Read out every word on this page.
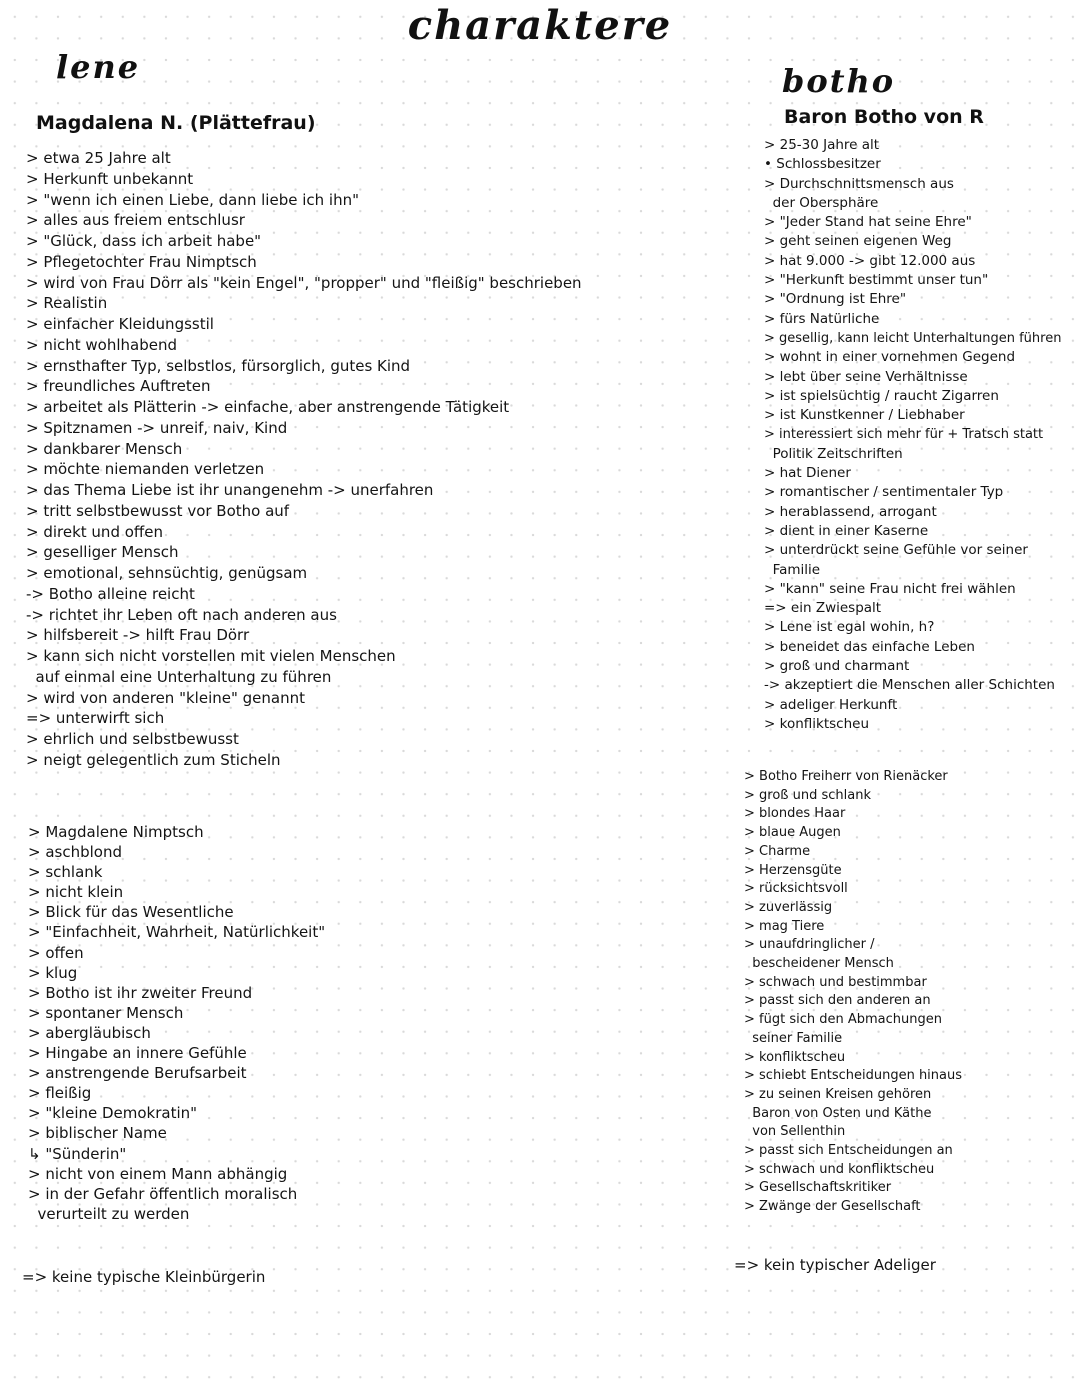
charaktere
lene
Magdalena N. (Plättefrau)
> etwa 25 Jahre alt
> Herkunft unbekannt
> "wenn ich einen Liebe, dann liebe ich ihn"
> alles aus freiem entschlusr
> "Glück, dass ich arbeit habe"
> Pflegetochter Frau Nimptsch
> wird von Frau Dörr als "kein Engel", "propper" und "fleißig" beschrieben
> Realistin
> einfacher Kleidungsstil
> nicht wohlhabend
> ernsthafter Typ, selbstlos, fürsorglich, gutes Kind
> freundliches Auftreten
> arbeitet als Plätterin -> einfache, aber anstrengende Tätigkeit
> Spitznamen -> unreif, naiv, Kind
> dankbarer Mensch
> möchte niemanden verletzen
> das Thema Liebe ist ihr unangenehm -> unerfahren
> tritt selbstbewusst vor Botho auf
> direkt und offen
> geselliger Mensch
> emotional, sehnsüchtig, genügsam
-> Botho alleine reicht
-> richtet ihr Leben oft nach anderen aus
> hilfsbereit -> hilft Frau Dörr
> kann sich nicht vorstellen mit vielen Menschen
auf einmal eine Unterhaltung zu führen
> wird von anderen "kleine" genannt
=> unterwirft sich
> ehrlich und selbstbewusst
> neigt gelegentlich zum Sticheln
> Magdalene Nimptsch
> aschblond
> schlank
> nicht klein
> Blick für das Wesentliche
> "Einfachheit, Wahrheit, Natürlichkeit"
> offen
> klug
> Botho ist ihr zweiter Freund
> spontaner Mensch
> abergläubisch
> Hingabe an innere Gefühle
> anstrengende Berufsarbeit
> fleißig
> "kleine Demokratin"
> biblischer Name
↳ "Sünderin"
> nicht von einem Mann abhängig
> in der Gefahr öffentlich moralisch
verurteilt zu werden

=> keine typische Kleinbürgerin

botho
Baron Botho von R
> 25-30 Jahre alt
• Schlossbesitzer
> Durchschnittsmensch aus
der Obersphäre
> "Jeder Stand hat seine Ehre"
> geht seinen eigenen Weg
> hat 9.000 -> gibt 12.000 aus
> "Herkunft bestimmt unser tun"
> "Ordnung ist Ehre"
> fürs Natürliche
> gesellig, kann leicht Unterhaltungen führen
> wohnt in einer vornehmen Gegend
> lebt über seine Verhältnisse
> ist spielsüchtig / raucht Zigarren
> ist Kunstkenner / Liebhaber
> interessiert sich mehr für + Tratsch statt
Politik Zeitschriften
> hat Diener
> romantischer / sentimentaler Typ
> herablassend, arrogant
> dient in einer Kaserne
> unterdrückt seine Gefühle vor seiner
Familie
> "kann" seine Frau nicht frei wählen
=> ein Zwiespalt
> Lene ist egal wohin, h?
> beneidet das einfache Leben
> groß und charmant
-> akzeptiert die Menschen aller Schichten
> adeliger Herkunft
> konfliktscheu
> Botho Freiherr von Rienäcker
> groß und schlank
> blondes Haar
> blaue Augen
> Charme
> Herzensgüte
> rücksichtsvoll
> zuverlässig
> mag Tiere
> unaufdringlicher /
bescheidener Mensch
> schwach und bestimmbar
> passt sich den anderen an
> fügt sich den Abmachungen
seiner Familie
> konfliktscheu
> schiebt Entscheidungen hinaus
> zu seinen Kreisen gehören
Baron von Osten und Käthe
von Sellenthin
> passt sich Entscheidungen an
> schwach und konfliktscheu
> Gesellschaftskritiker
> Zwänge der Gesellschaft

=> kein typischer Adeliger
